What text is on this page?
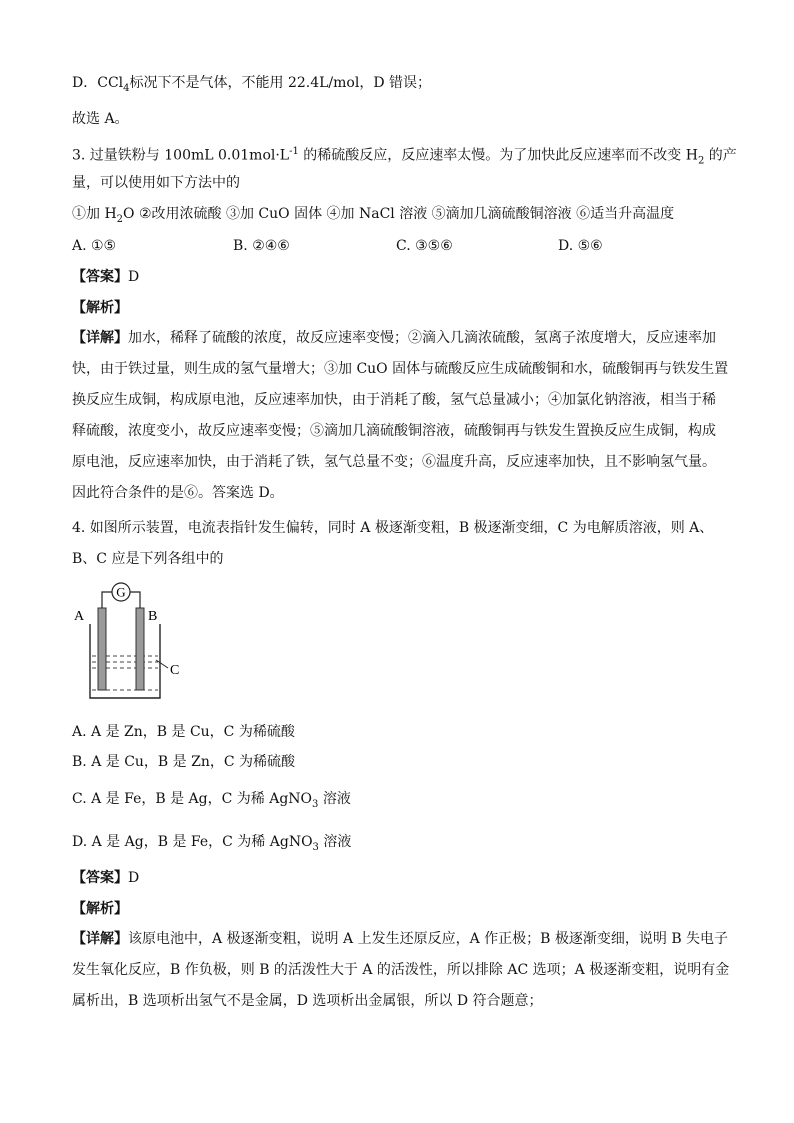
D．CCl$_4$标况下不是气体，不能用 22.4L/mol，D 错误；
故选 A。
3. 过量铁粉与 100mL $0.01mol\cdot L^{-1}$ 的稀硫酸反应，反应速率太慢。为了加快此反应速率而不改变 $H_2$ 的产
量，可以使用如下方法中的
①加 $H_2O$ ②改用浓硫酸 ③加 CuO 固体 ④加 NaCl 溶液 ⑤滴加几滴硫酸铜溶液 ⑥适当升高温度
A. ①⑤	B. ②④⑥	C. ③⑤⑥	D. ⑤⑥
【答案】D
【解析】
【详解】加水，稀释了硫酸的浓度，故反应速率变慢；②滴入几滴浓硫酸，氢离子浓度增大，反应速率加
快，由于铁过量，则生成的氢气量增大；③加 CuO 固体与硫酸反应生成硫酸铜和水，硫酸铜再与铁发生置
换反应生成铜，构成原电池，反应速率加快，由于消耗了酸，氢气总量减小；④加氯化钠溶液，相当于稀
释硫酸，浓度变小，故反应速率变慢；⑤滴加几滴硫酸铜溶液，硫酸铜再与铁发生置换反应生成铜，构成
原电池，反应速率加快，由于消耗了铁，氢气总量不变；⑥温度升高，反应速率加快，且不影响氢气量。
因此符合条件的是⑥。答案选 D。
4. 如图所示装置，电流表指针发生偏转，同时 A 极逐渐变粗，B 极逐渐变细，C 为电解质溶液，则 A、
B、C 应是下列各组中的
G
A	B
C
A. A 是 Zn，B 是 Cu，C 为稀硫酸
B. A 是 Cu，B 是 Zn，C 为稀硫酸
C. A 是 Fe，B 是 Ag，C 为稀 AgNO$_3$ 溶液
D. A 是 Ag，B 是 Fe，C 为稀 AgNO$_3$ 溶液
【答案】D
【解析】
【详解】该原电池中，A 极逐渐变粗，说明 A 上发生还原反应，A 作正极；B 极逐渐变细，说明 B 失电子
发生氧化反应，B 作负极，则 B 的活泼性大于 A 的活泼性，所以排除 AC 选项；A 极逐渐变粗，说明有金
属析出，B 选项析出氢气不是金属，D 选项析出金属银，所以 D 符合题意；
